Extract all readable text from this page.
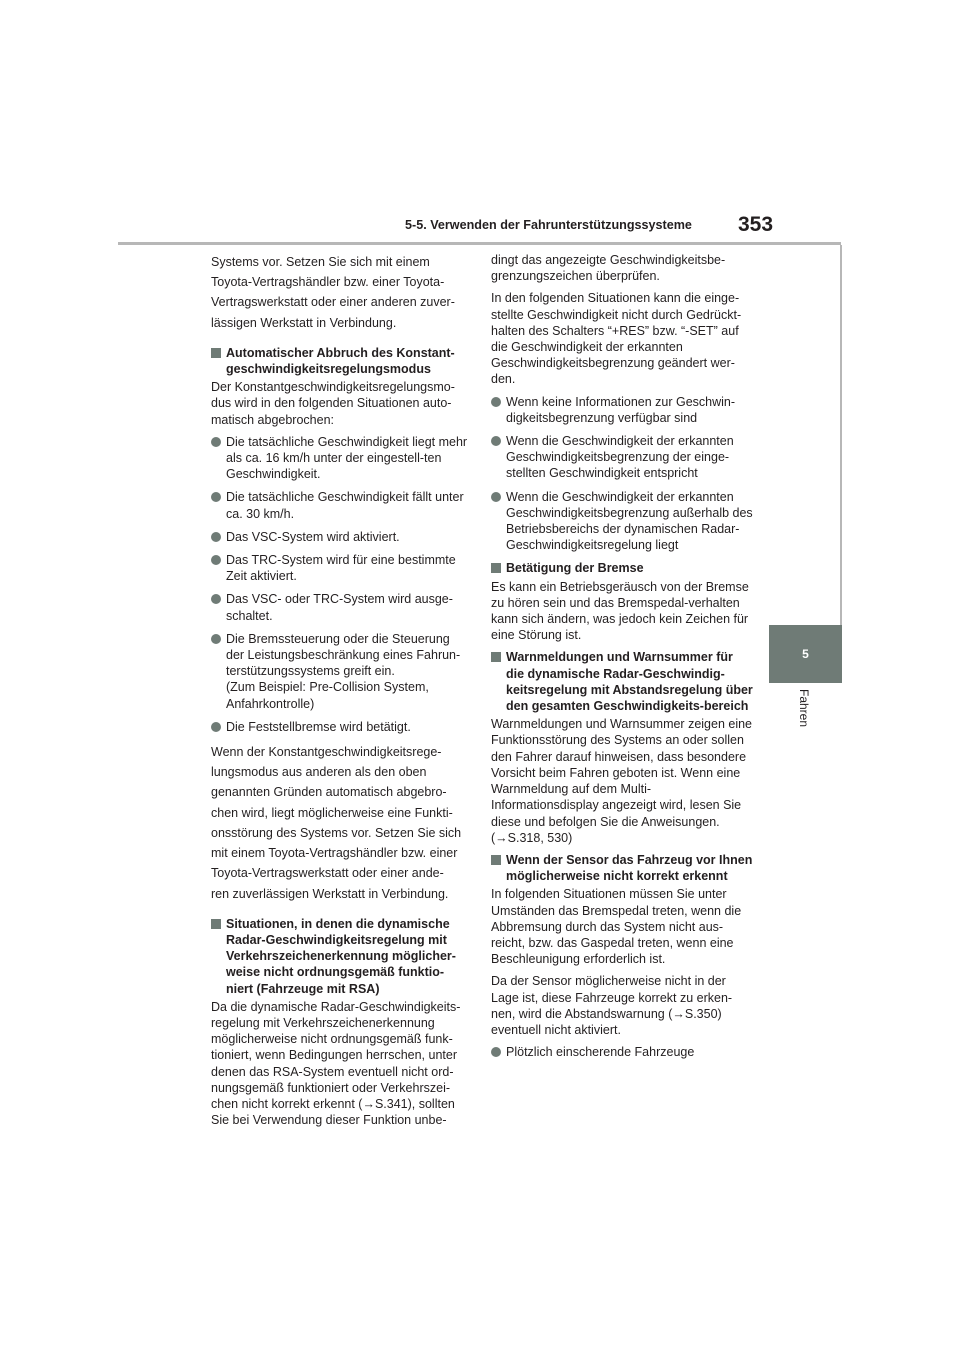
5-5. Verwenden der Fahrunterstützungssysteme 353
5
Fahren

Systems vor. Setzen Sie sich mit einem

Toyota-Vertragshändler bzw. einer Toyota-

Vertragswerkstatt oder einer anderen zuver-

lässigen Werkstatt in Verbindung.

Automatischer Abbruch des Konstant-geschwindigkeitsregelungsmodus

Der Konstantgeschwindigkeitsregelungsmo-dus wird in den folgenden Situationen auto-matisch abgebrochen:

Die tatsächliche Geschwindigkeit liegt mehr als ca. 16 km/h unter der eingestell-ten Geschwindigkeit.
Die tatsächliche Geschwindigkeit fällt unter ca. 30 km/h.
Das VSC-System wird aktiviert.
Das TRC-System wird für eine bestimmte Zeit aktiviert.
Das VSC- oder TRC-System wird ausge-schaltet.
Die Bremssteuerung oder die Steuerung der Leistungsbeschränkung eines Fahrun-terstützungssystems greift ein.
(Zum Beispiel: Pre-Collision System, Anfahrkontrolle)
Die Feststellbremse wird betätigt.

Wenn der Konstantgeschwindigkeitsrege-

lungsmodus aus anderen als den oben

genannten Gründen automatisch abgebro-

chen wird, liegt möglicherweise eine Funkti-

onsstörung des Systems vor. Setzen Sie sich

mit einem Toyota-Vertragshändler bzw. einer

Toyota-Vertragswerkstatt oder einer ande-

ren zuverlässigen Werkstatt in Verbindung.

Situationen, in denen die dynamische Radar-Geschwindigkeitsregelung mit Verkehrszeichenerkennung möglicher-weise nicht ordnungsgemäß funktio-niert (Fahrzeuge mit RSA)

Da die dynamische Radar-Geschwindigkeits-regelung mit Verkehrszeichenerkennung möglicherweise nicht ordnungsgemäß funk-tioniert, wenn Bedingungen herrschen, unter denen das RSA-System eventuell nicht ord-nungsgemäß funktioniert oder Verkehrszei-chen nicht korrekt erkennt (→S.341), sollten Sie bei Verwendung dieser Funktion unbe-

dingt das angezeigte Geschwindigkeitsbe-grenzungszeichen überprüfen.

In den folgenden Situationen kann die einge-stellte Geschwindigkeit nicht durch Gedrückt-halten des Schalters “+RES” bzw. “-SET” auf die Geschwindigkeit der erkannten Geschwindigkeitsbegrenzung geändert wer-den.

Wenn keine Informationen zur Geschwin-digkeitsbegrenzung verfügbar sind
Wenn die Geschwindigkeit der erkannten Geschwindigkeitsbegrenzung der einge-stellten Geschwindigkeit entspricht
Wenn die Geschwindigkeit der erkannten Geschwindigkeitsbegrenzung außerhalb des Betriebsbereichs der dynamischen Radar-Geschwindigkeitsregelung liegt
Betätigung der Bremse

Es kann ein Betriebsgeräusch von der Bremse zu hören sein und das Bremspedal-verhalten kann sich ändern, was jedoch kein Zeichen für eine Störung ist.

Warnmeldungen und Warnsummer für die dynamische Radar-Geschwindig-keitsregelung mit Abstandsregelung über den gesamten Geschwindigkeits-bereich

Warnmeldungen und Warnsummer zeigen eine Funktionsstörung des Systems an oder sollen den Fahrer darauf hinweisen, dass besondere Vorsicht beim Fahren geboten ist. Wenn eine Warnmeldung auf dem Multi-Informationsdisplay angezeigt wird, lesen Sie diese und befolgen Sie die Anweisungen. (→S.318, 530)

Wenn der Sensor das Fahrzeug vor Ihnen möglicherweise nicht korrekt erkennt

In folgenden Situationen müssen Sie unter Umständen das Bremspedal treten, wenn die Abbremsung durch das System nicht aus-reicht, bzw. das Gaspedal treten, wenn eine Beschleunigung erforderlich ist.

Da der Sensor möglicherweise nicht in der Lage ist, diese Fahrzeuge korrekt zu erken-nen, wird die Abstandswarnung (→S.350) eventuell nicht aktiviert.

Plötzlich einscherende Fahrzeuge
